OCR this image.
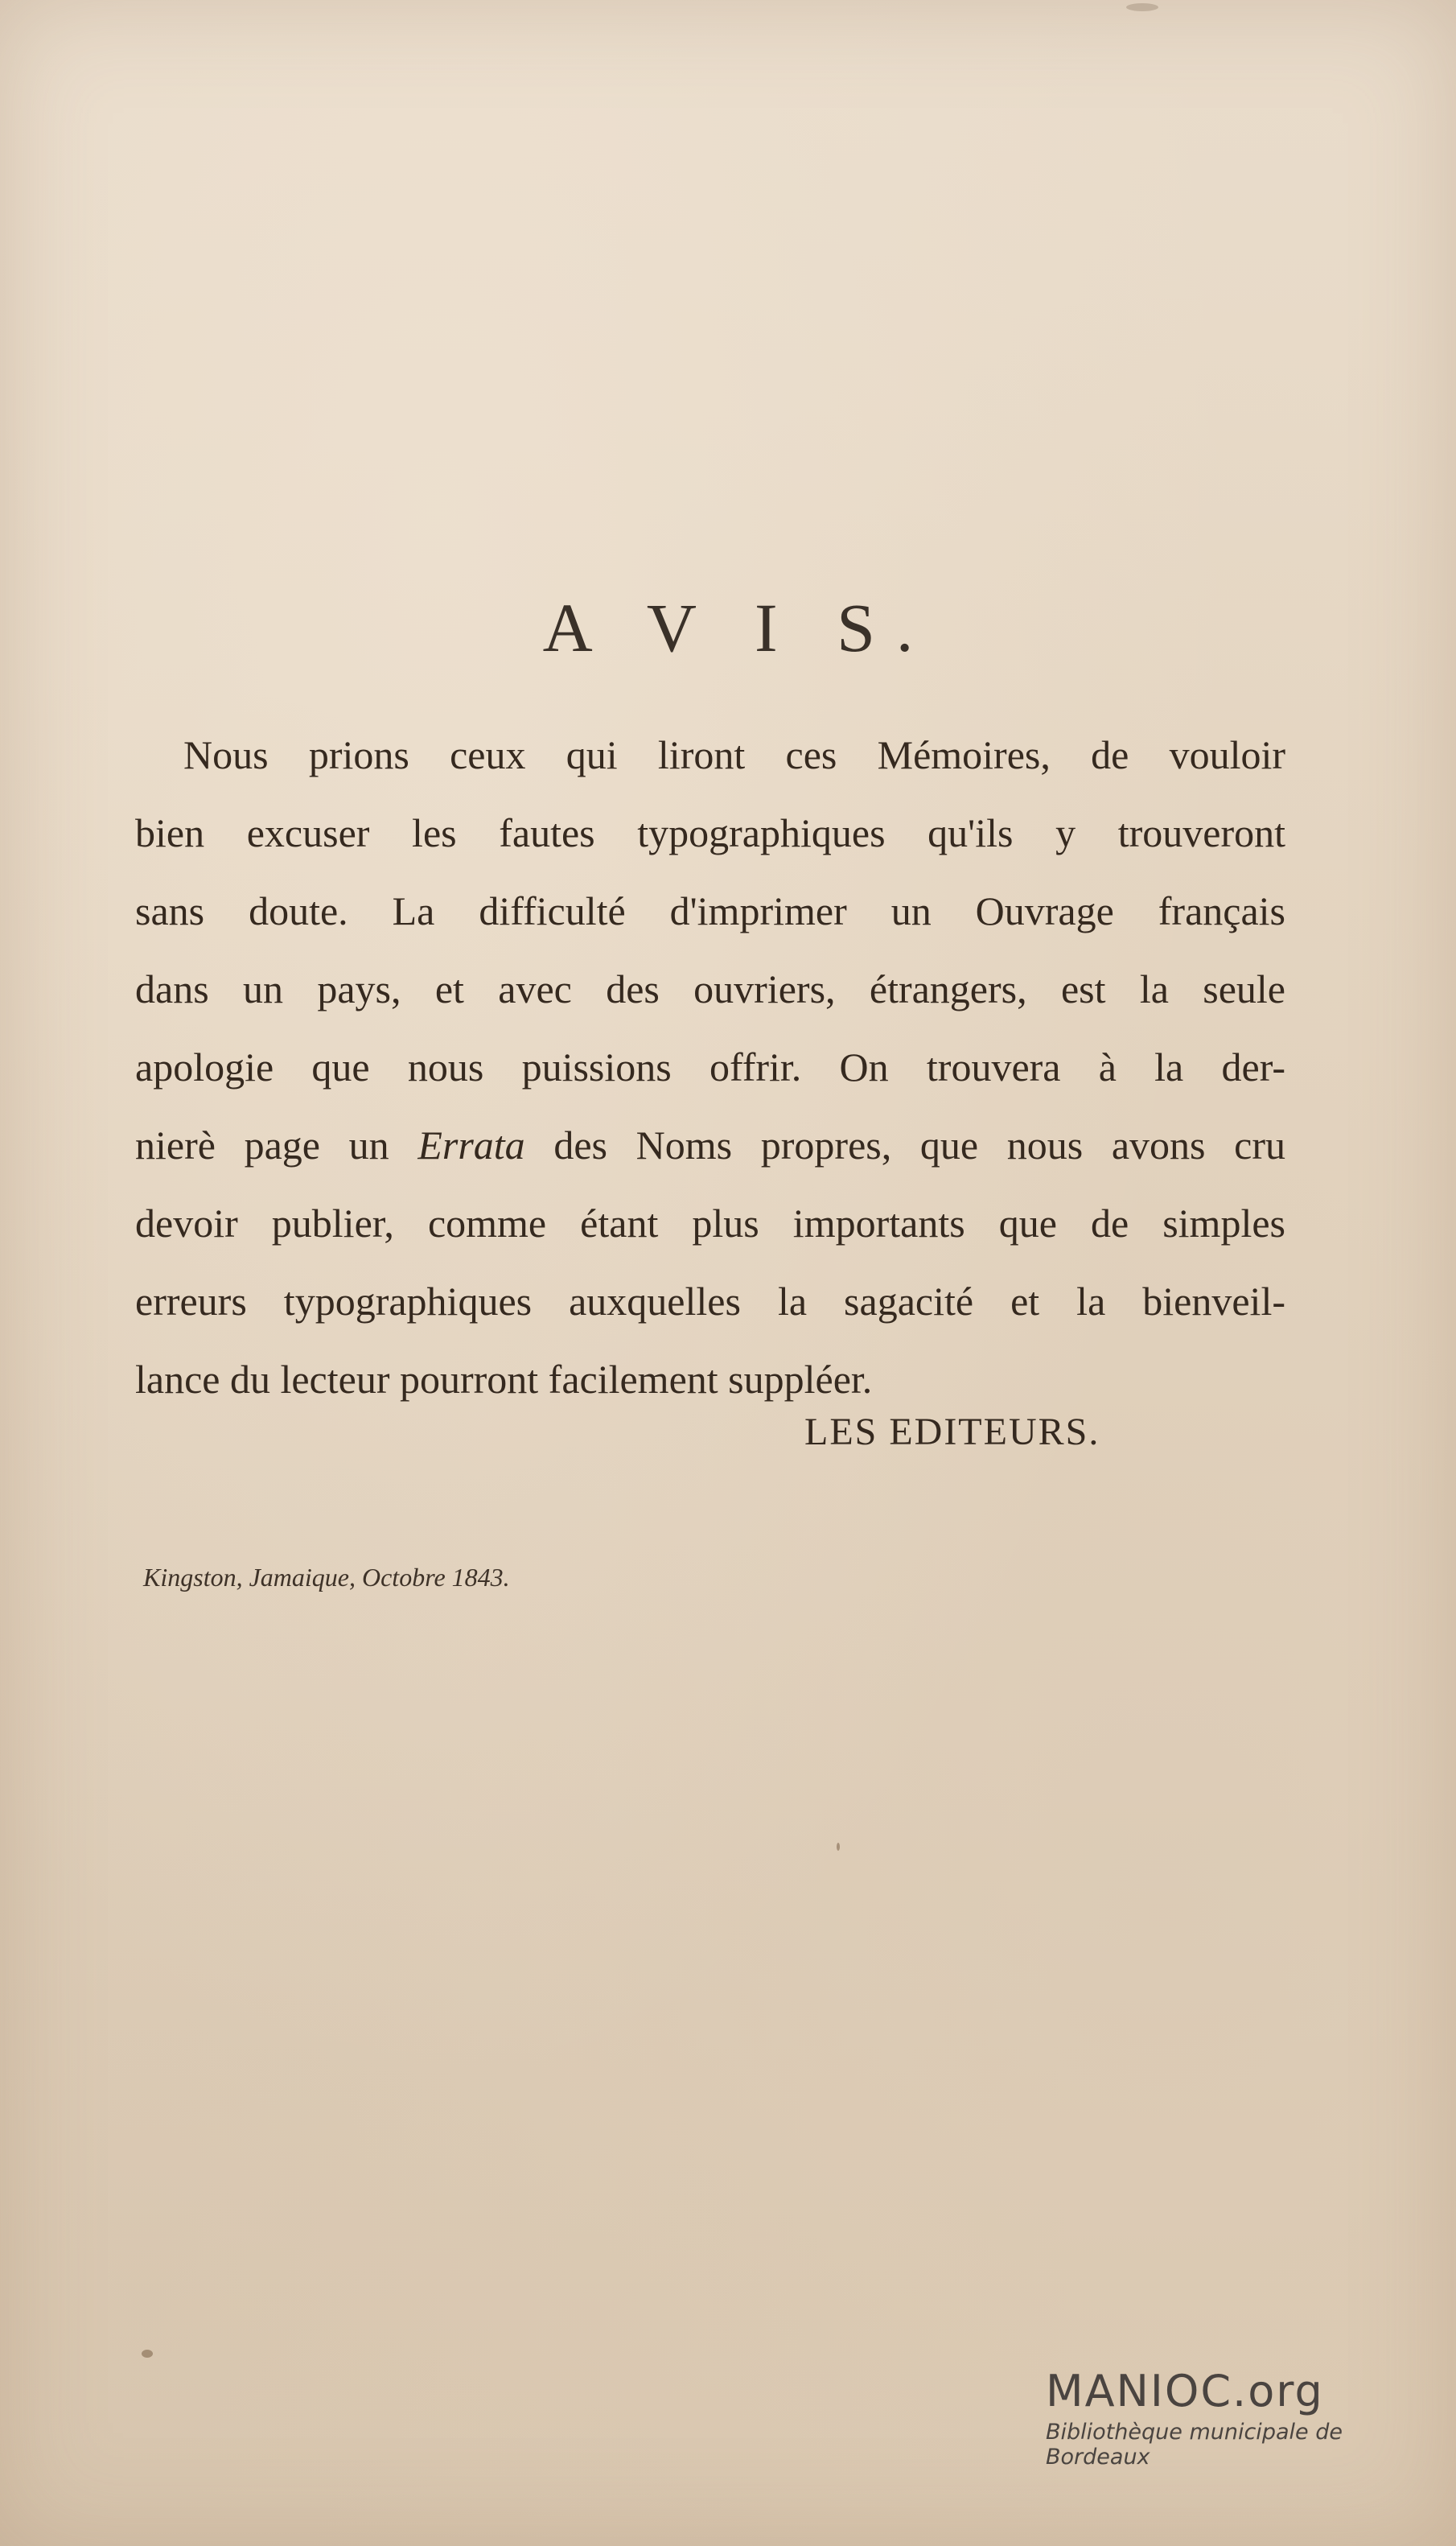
A V I S.
Nous prions ceux qui liront ces Mémoires, de vouloir
bien excuser les fautes typographiques qu'ils y trouveront
sans doute. La difficulté d'imprimer un Ouvrage français
dans un pays, et avec des ouvriers, étrangers, est la seule
apologie que nous puissions offrir. On trouvera à la der-
nierè page un Errata des Noms propres, que nous avons cru
devoir publier, comme étant plus importants que de simples
erreurs typographiques auxquelles la sagacité et la bienveil-
lance du lecteur pourront facilement suppléer.
LES EDITEURS.
Kingston, Jamaique, Octobre 1843.
MANIOC.org
Bibliothèque municipale de Bordeaux
